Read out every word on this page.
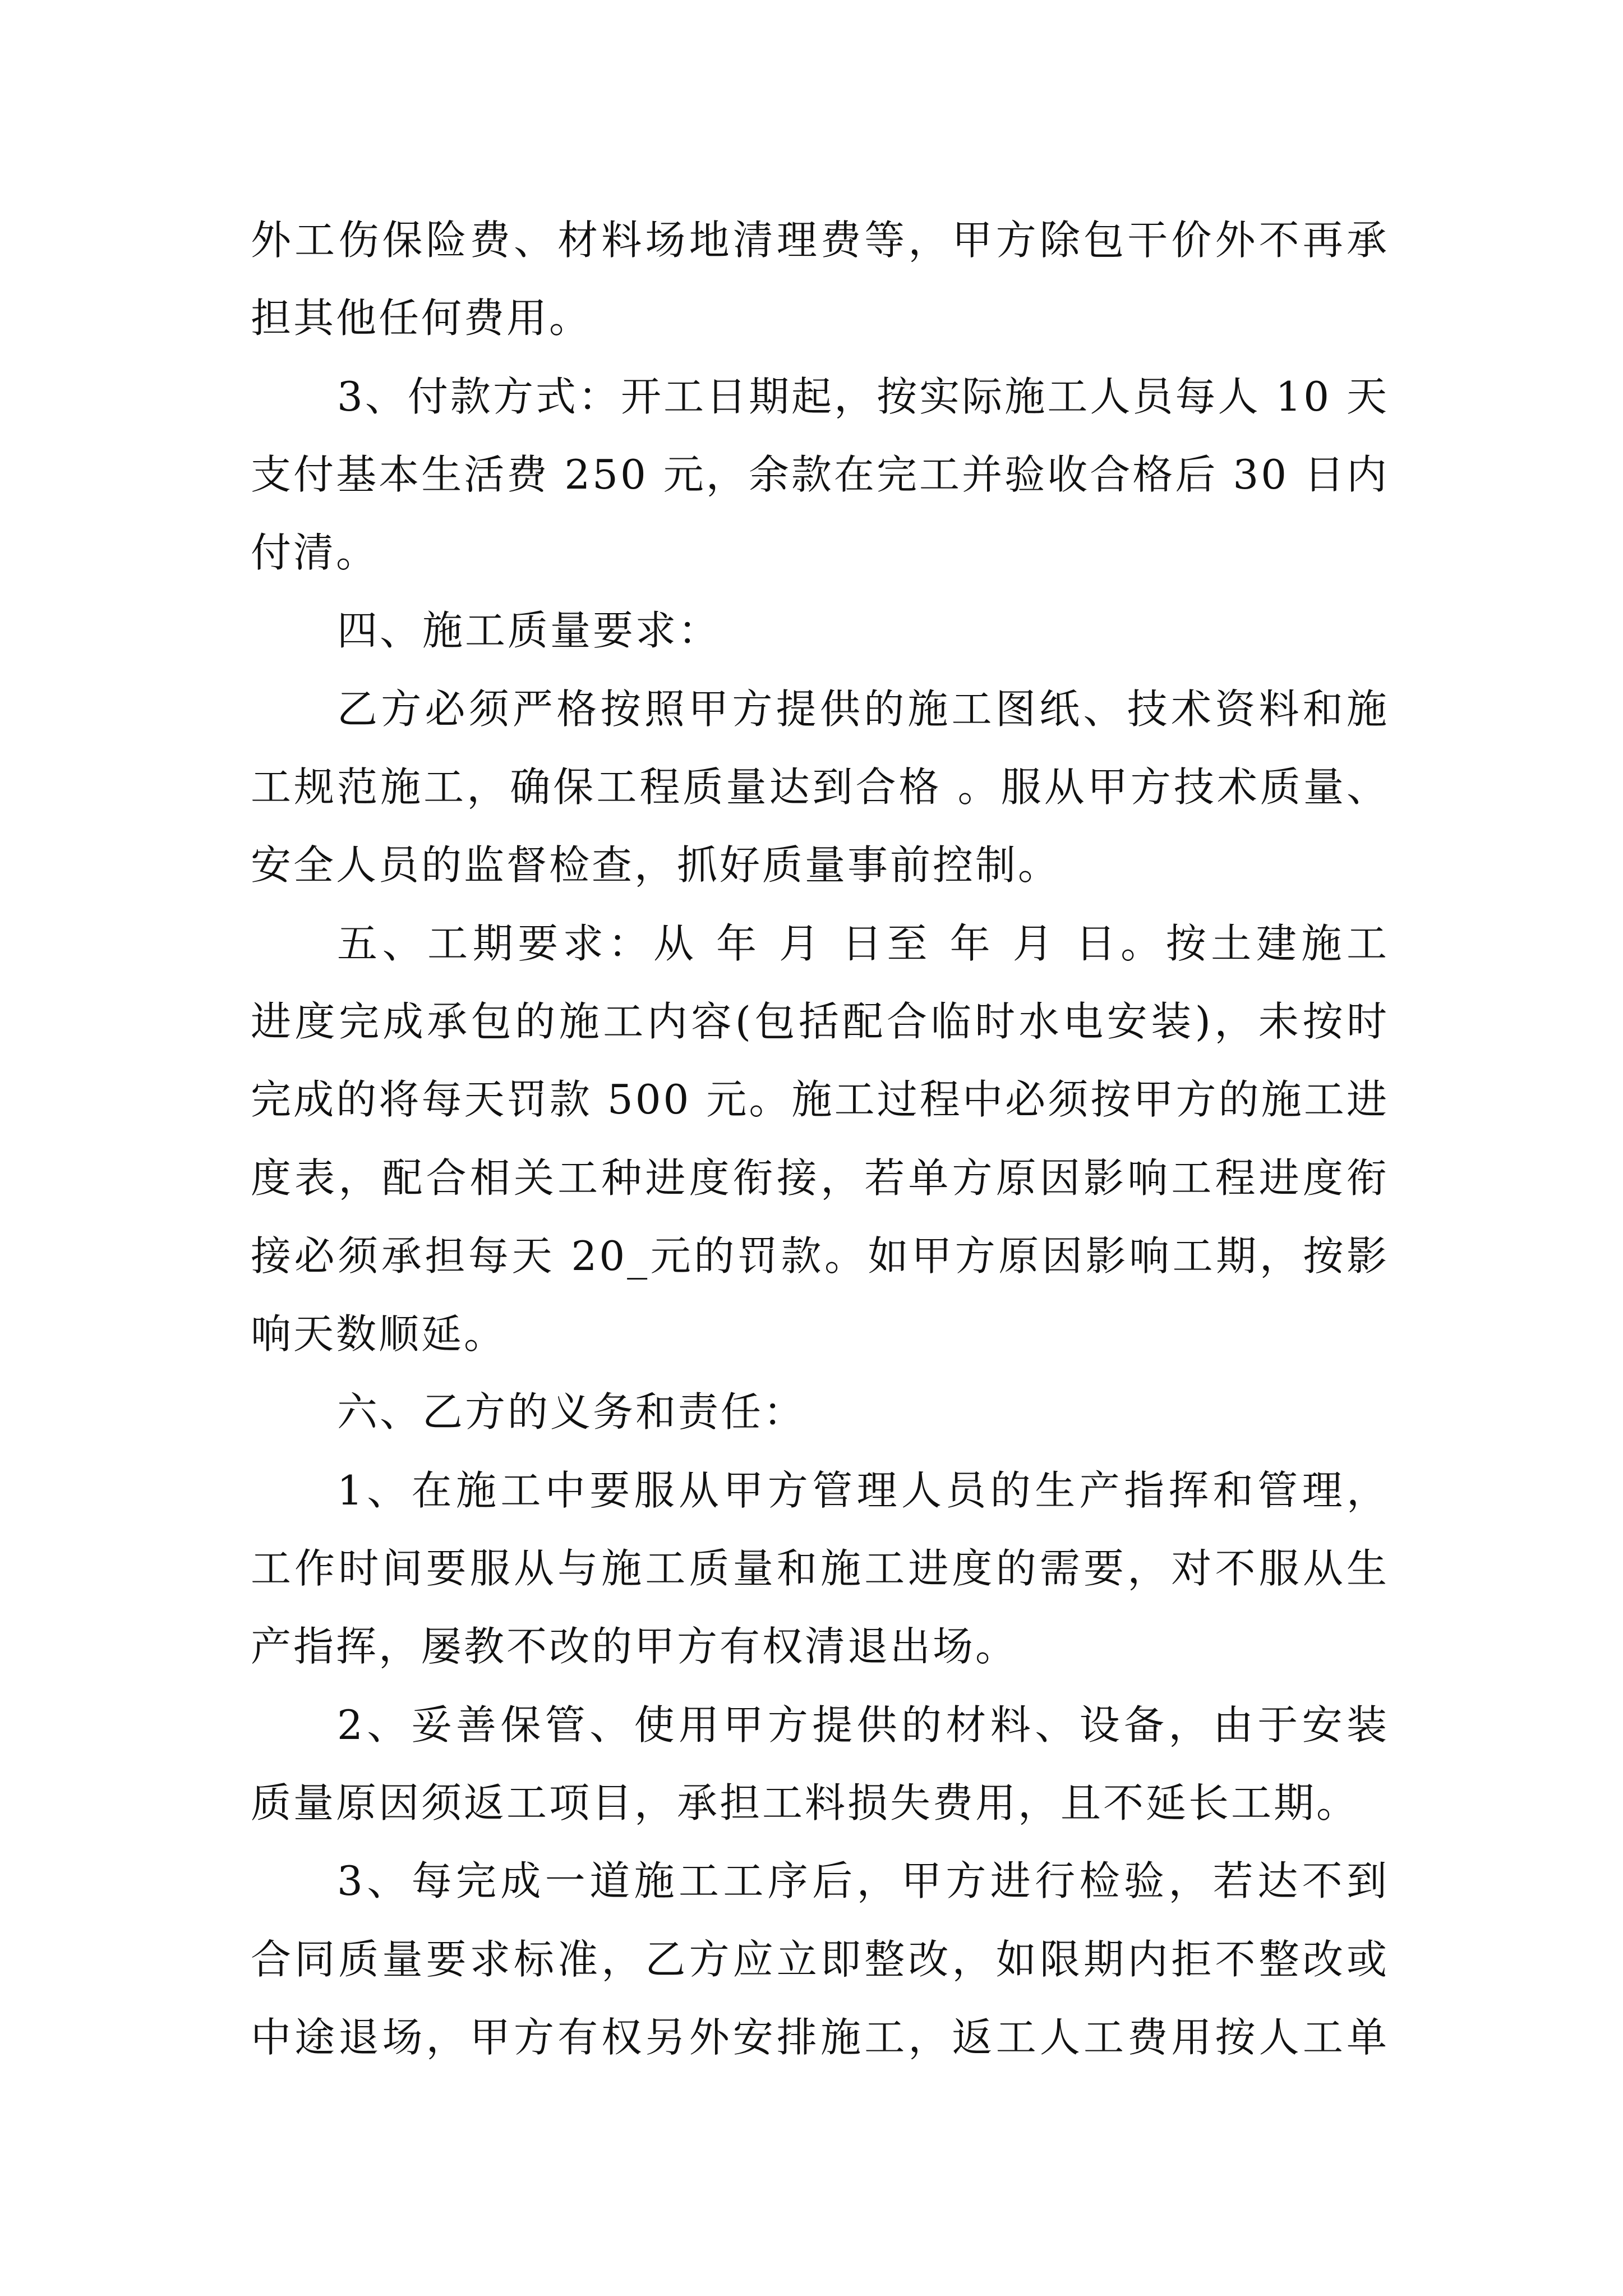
外工伤保险费、材料场地清理费等，甲方除包干价外不再承
担其他任何费用。
3、付款方式：开工日期起，按实际施工人员每人 10 天
支付基本生活费 250 元，余款在完工并验收合格后 30 日内
付清。
四、施工质量要求：
乙方必须严格按照甲方提供的施工图纸、技术资料和施
工规范施工，确保工程质量达到合格 。服从甲方技术质量、
安全人员的监督检查，抓好质量事前控制。
五、工期要求：从 年 月 日至 年 月 日。按土建施工
进度完成承包的施工内容(包括配合临时水电安装)，未按时
完成的将每天罚款 500 元。施工过程中必须按甲方的施工进
度表，配合相关工种进度衔接，若单方原因影响工程进度衔
接必须承担每天 20_元的罚款。如甲方原因影响工期，按影
响天数顺延。
六、乙方的义务和责任：
1、在施工中要服从甲方管理人员的生产指挥和管理，
工作时间要服从与施工质量和施工进度的需要，对不服从生
产指挥，屡教不改的甲方有权清退出场。
2、妥善保管、使用甲方提供的材料、设备，由于安装
质量原因须返工项目，承担工料损失费用，且不延长工期。
3、每完成一道施工工序后，甲方进行检验，若达不到
合同质量要求标准，乙方应立即整改，如限期内拒不整改或
中途退场，甲方有权另外安排施工，返工人工费用按人工单
